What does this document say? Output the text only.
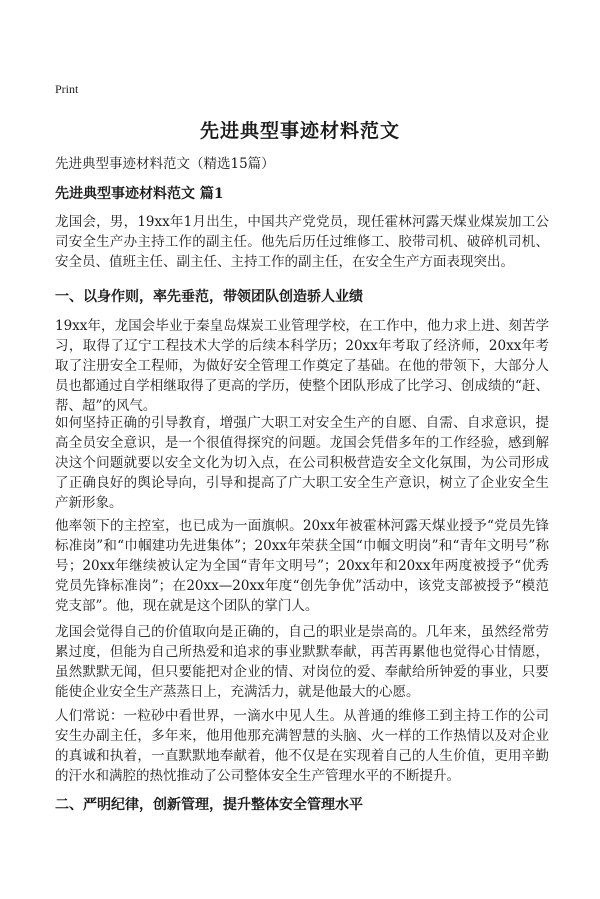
Print
先进典型事迹材料范文
先进典型事迹材料范文（精选15篇）
先进典型事迹材料范文 篇1
龙国会，男，19xx年1月出生，中国共产党党员，现任霍林河露天煤业煤炭加工公司安全生产办主持工作的副主任。他先后历任过维修工、胶带司机、破碎机司机、安全员、值班主任、副主任、主持工作的副主任，在安全生产方面表现突出。
一、以身作则，率先垂范，带领团队创造骄人业绩
19xx年，龙国会毕业于秦皇岛煤炭工业管理学校，在工作中，他力求上进、刻苦学习，取得了辽宁工程技术大学的后续本科学历；20xx年考取了经济师，20xx年考取了注册安全工程师，为做好安全管理工作奠定了基础。在他的带领下，大部分人员也都通过自学相继取得了更高的学历，使整个团队形成了比学习、创成绩的“赶、帮、超”的风气。
如何坚持正确的引导教育，增强广大职工对安全生产的自愿、自需、自求意识，提高全员安全意识，是一个很值得探究的问题。龙国会凭借多年的工作经验，感到解决这个问题就要以安全文化为切入点，在公司积极营造安全文化氛围，为公司形成了正确良好的舆论导向，引导和提高了广大职工安全生产意识，树立了企业安全生产新形象。
他率领下的主控室，也已成为一面旗帜。20xx年被霍林河露天煤业授予“党员先锋标准岗”和“巾帼建功先进集体”；20xx年荣获全国“巾帼文明岗”和“青年文明号”称号；20xx年继续被认定为全国“青年文明号”；20xx年和20xx年两度被授予“优秀党员先锋标准岗”；在20xx—20xx年度“创先争优”活动中，该党支部被授予“模范党支部”。他，现在就是这个团队的掌门人。
龙国会觉得自己的价值取向是正确的，自己的职业是崇高的。几年来，虽然经常劳累过度，但能为自己所热爱和追求的事业默默奉献，再苦再累他也觉得心甘情愿，虽然默默无闻，但只要能把对企业的情、对岗位的爱、奉献给所钟爱的事业，只要能使企业安全生产蒸蒸日上，充满活力，就是他最大的心愿。
人们常说：一粒砂中看世界，一滴水中见人生。从普通的维修工到主持工作的公司安生办副主任，多年来，他用他那充满智慧的头脑、火一样的工作热情以及对企业的真诚和执着，一直默默地奉献着，他不仅是在实现着自己的人生价值，更用辛勤的汗水和满腔的热忱推动了公司整体安全生产管理水平的不断提升。
二、严明纪律，创新管理，提升整体安全管理水平
